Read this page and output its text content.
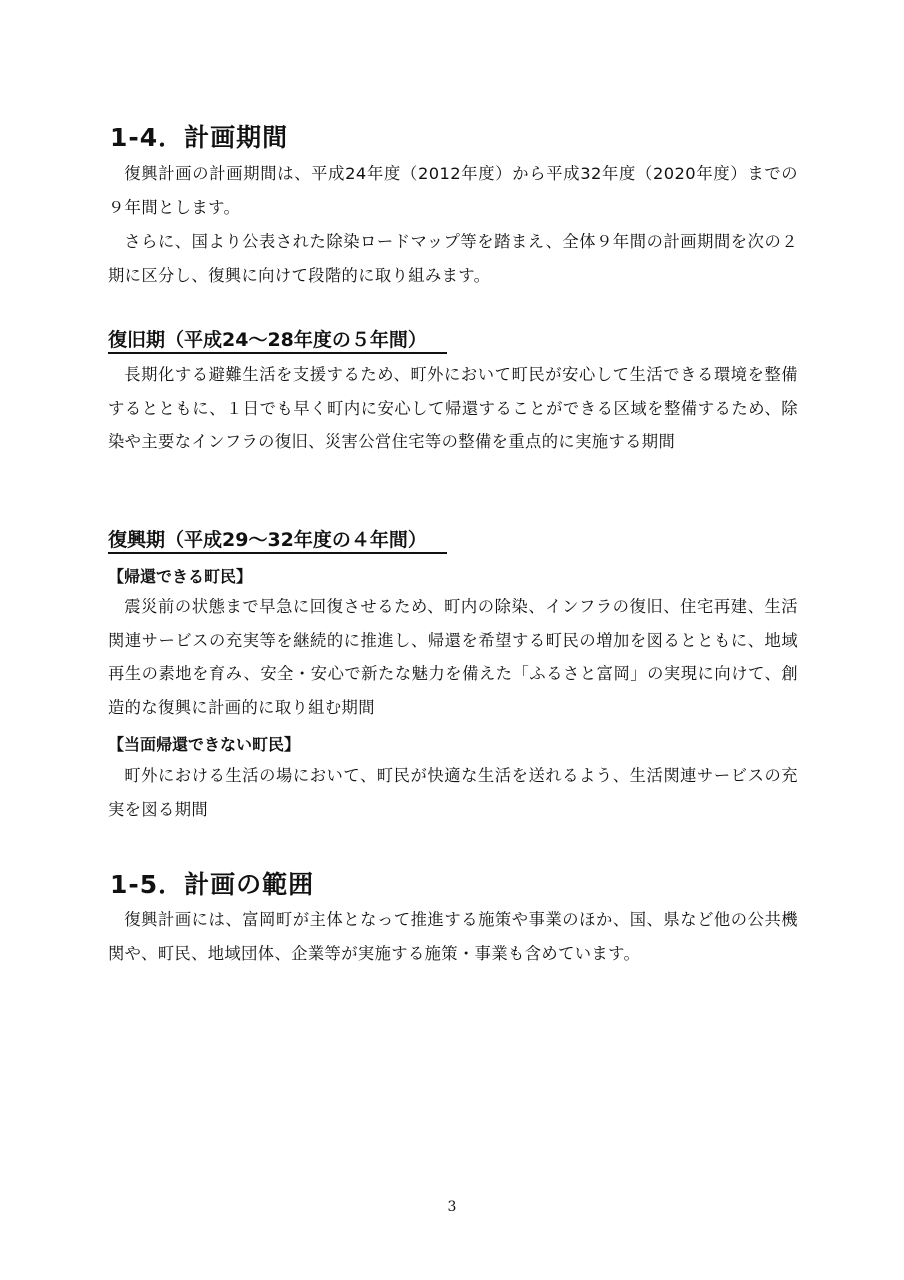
1-4．計画期間

復興計画の計画期間は、平成24年度（2012年度）から平成32年度（2020年度）までの９年間とします。

さらに、国より公表された除染ロードマップ等を踏まえ、全体９年間の計画期間を次の２期に区分し、復興に向けて段階的に取り組みます。

復旧期（平成24～28年度の５年間）

長期化する避難生活を支援するため、町外において町民が安心して生活できる環境を整備するとともに、１日でも早く町内に安心して帰還することができる区域を整備するため、除染や主要なインフラの復旧、災害公営住宅等の整備を重点的に実施する期間

復興期（平成29～32年度の４年間）
【帰還できる町民】

震災前の状態まで早急に回復させるため、町内の除染、インフラの復旧、住宅再建、生活関連サービスの充実等を継続的に推進し、帰還を希望する町民の増加を図るとともに、地域再生の素地を育み、安全・安心で新たな魅力を備えた「ふるさと富岡」の実現に向けて、創造的な復興に計画的に取り組む期間

【当面帰還できない町民】

町外における生活の場において、町民が快適な生活を送れるよう、生活関連サービスの充実を図る期間

1-5．計画の範囲

復興計画には、富岡町が主体となって推進する施策や事業のほか、国、県など他の公共機関や、町民、地域団体、企業等が実施する施策・事業も含めています。

3
